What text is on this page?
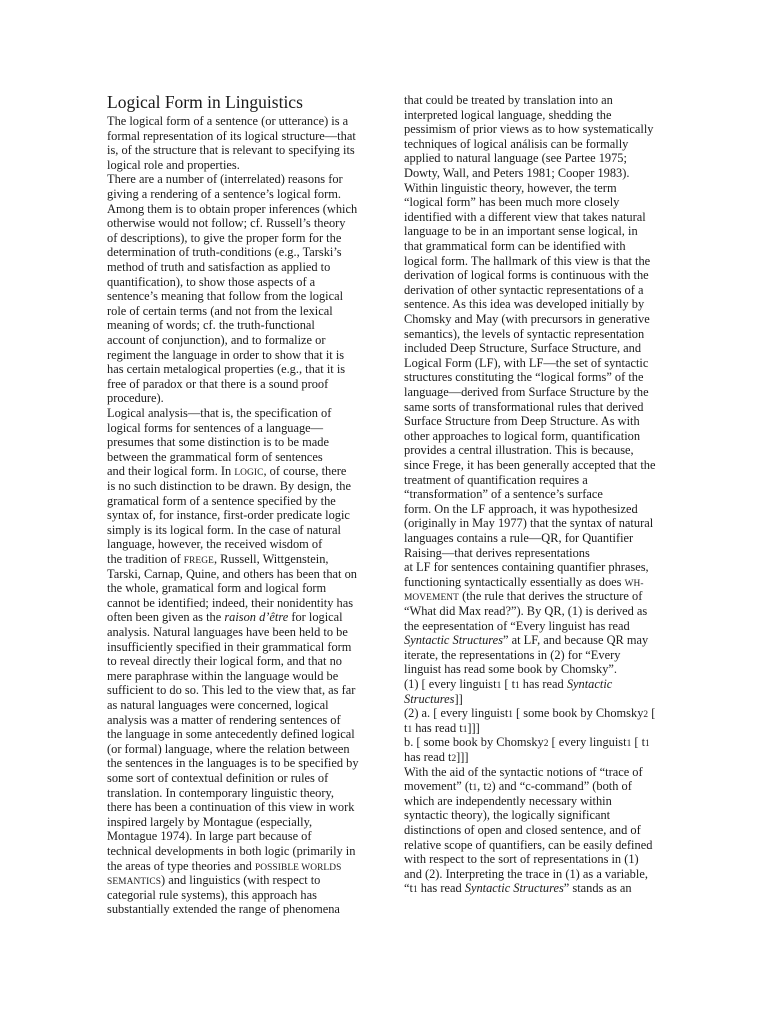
Logical Form in Linguistics
The logical form of a sentence (or utterance) is a
formal representation of its logical structure—that
is, of the structure that is relevant to specifying its
logical role and properties.
There are a number of (interrelated) reasons for
giving a rendering of a sentence’s logical form.
Among them is to obtain proper inferences (which
otherwise would not follow; cf. Russell’s theory
of descriptions), to give the proper form for the
determination of truth-conditions (e.g., Tarski’s
method of truth and satisfaction as applied to
quantification), to show those aspects of a
sentence’s meaning that follow from the logical
role of certain terms (and not from the lexical
meaning of words; cf. the truth-functional
account of conjunction), and to formalize or
regiment the language in order to show that it is
has certain metalogical properties (e.g., that it is
free of paradox or that there is a sound proof
procedure).
Logical analysis—that is, the specification of
logical forms for sentences of a language—
presumes that some distinction is to be made
between the grammatical form of sentences
and their logical form. In LOGIC, of course, there
is no such distinction to be drawn. By design, the
gramatical form of a sentence specified by the
syntax of, for instance, first-order predicate logic
simply is its logical form. In the case of natural
language, however, the received wisdom of
the tradition of FREGE, Russell, Wittgenstein,
Tarski, Carnap, Quine, and others has been that on
the whole, gramatical form and logical form
cannot be identified; indeed, their nonidentity has
often been given as the raison d’être for logical
analysis. Natural languages have been held to be
insufficiently specified in their grammatical form
to reveal directly their logical form, and that no
mere paraphrase within the language would be
sufficient to do so. This led to the view that, as far
as natural languages were concerned, logical
analysis was a matter of rendering sentences of
the language in some antecedently defined logical
(or formal) language, where the relation between
the sentences in the languages is to be specified by
some sort of contextual definition or rules of
translation. In contemporary linguistic theory,
there has been a continuation of this view in work
inspired largely by Montague (especially,
Montague 1974). In large part because of
technical developments in both logic (primarily in
the areas of type theories and POSSIBLE WORLDS
SEMANTICS) and linguistics (with respect to
categorial rule systems), this approach has
substantially extended the range of phenomena
that could be treated by translation into an
interpreted logical language, shedding the
pessimism of prior views as to how systematically
techniques of logical análisis can be formally
applied to natural language (see Partee 1975;
Dowty, Wall, and Peters 1981; Cooper 1983).
Within linguistic theory, however, the term
“logical form” has been much more closely
identified with a different view that takes natural
language to be in an important sense logical, in
that grammatical form can be identified with
logical form. The hallmark of this view is that the
derivation of logical forms is continuous with the
derivation of other syntactic representations of a
sentence. As this idea was developed initially by
Chomsky and May (with precursors in generative
semantics), the levels of syntactic representation
included Deep Structure, Surface Structure, and
Logical Form (LF), with LF—the set of syntactic
structures constituting the “logical forms” of the
language—derived from Surface Structure by the
same sorts of transformational rules that derived
Surface Structure from Deep Structure. As with
other approaches to logical form, quantification
provides a central illustration. This is because,
since Frege, it has been generally accepted that the
treatment of quantification requires a
“transformation” of a sentence’s surface
form. On the LF approach, it was hypothesized
(originally in May 1977) that the syntax of natural
languages contains a rule—QR, for Quantifier
Raising—that derives representations
at LF for sentences containing quantifier phrases,
functioning syntactically essentially as does WH-
MOVEMENT (the rule that derives the structure of
“What did Max read?”). By QR, (1) is derived as
the eepresentation of “Every linguist has read
Syntactic Structures” at LF, and because QR may
iterate, the representations in (2) for “Every
linguist has read some book by Chomsky”.
(1) [ every linguist1 [ t1 has read Syntactic
Structures]]
(2) a. [ every linguist1 [ some book by Chomsky2 [
t1 has read t1]]]
b. [ some book by Chomsky2 [ every linguist1 [ t1
has read t2]]]
With the aid of the syntactic notions of “trace of
movement” (t1, t2) and “c-command” (both of
which are independently necessary within
syntactic theory), the logically significant
distinctions of open and closed sentence, and of
relative scope of quantifiers, can be easily defined
with respect to the sort of representations in (1)
and (2). Interpreting the trace in (1) as a variable,
“t1 has read Syntactic Structures” stands as an
